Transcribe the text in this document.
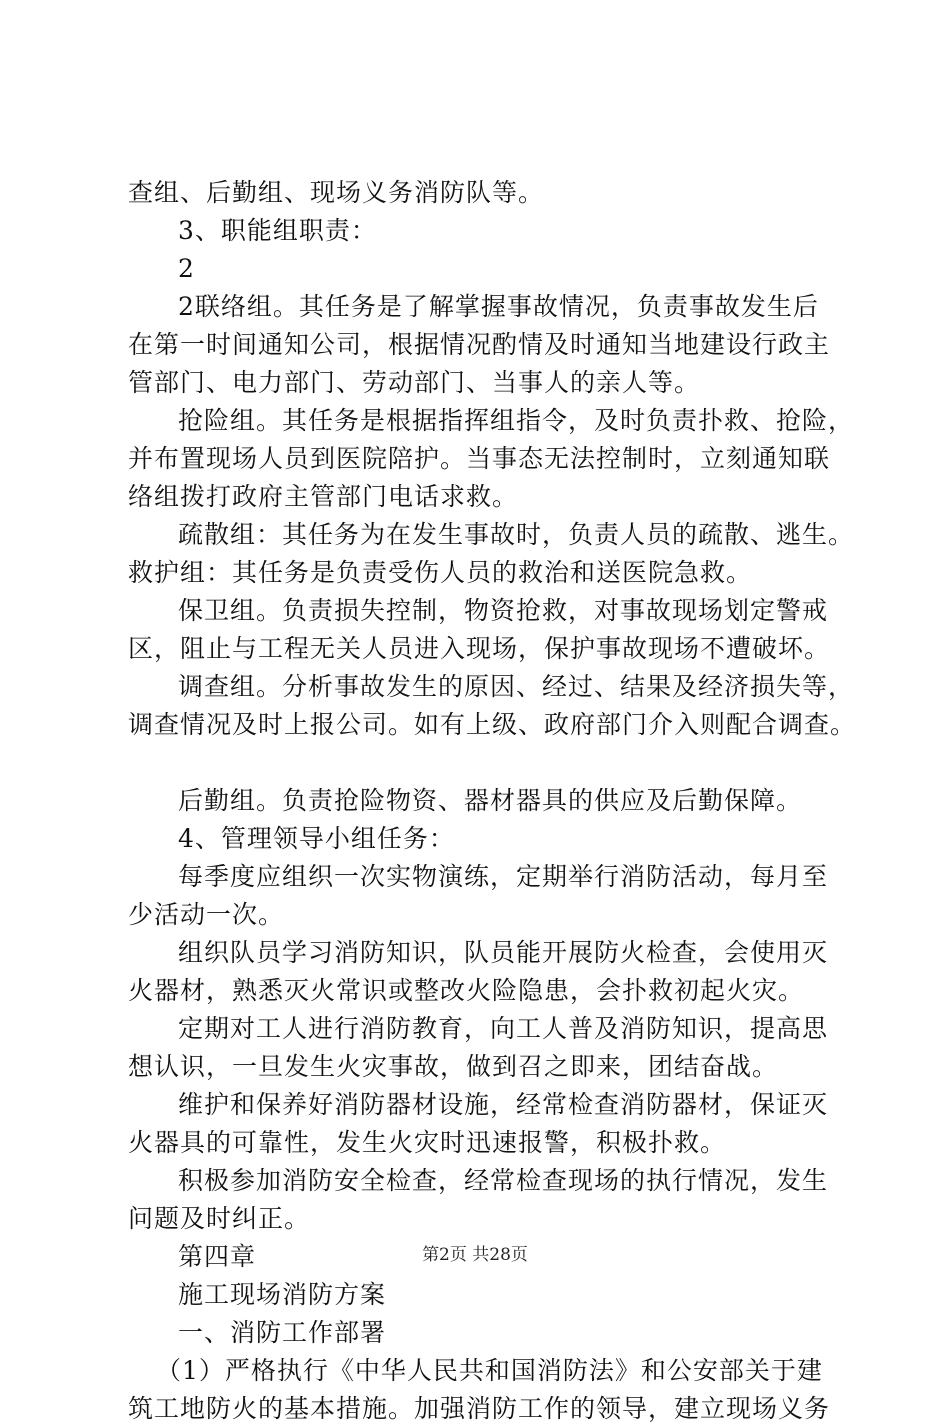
查组、后勤组、现场义务消防队等。
3、职能组职责：
2
2联络组。其任务是了解掌握事故情况，负责事故发生后
在第一时间通知公司，根据情况酌情及时通知当地建设行政主
管部门、电力部门、劳动部门、当事人的亲人等。
抢险组。其任务是根据指挥组指令，及时负责扑救、抢险，
并布置现场人员到医院陪护。当事态无法控制时，立刻通知联
络组拨打政府主管部门电话求救。
疏散组：其任务为在发生事故时，负责人员的疏散、逃生。
救护组：其任务是负责受伤人员的救治和送医院急救。
保卫组。负责损失控制，物资抢救，对事故现场划定警戒
区，阻止与工程无关人员进入现场，保护事故现场不遭破坏。
调查组。分析事故发生的原因、经过、结果及经济损失等，
调查情况及时上报公司。如有上级、政府部门介入则配合调查。
后勤组。负责抢险物资、器材器具的供应及后勤保障。
4、管理领导小组任务：
每季度应组织一次实物演练，定期举行消防活动，每月至
少活动一次。
组织队员学习消防知识，队员能开展防火检查，会使用灭
火器材，熟悉灭火常识或整改火险隐患，会扑救初起火灾。
定期对工人进行消防教育，向工人普及消防知识，提高思
想认识，一旦发生火灾事故，做到召之即来，团结奋战。
维护和保养好消防器材设施，经常检查消防器材，保证灭
火器具的可靠性，发生火灾时迅速报警，积极扑救。
积极参加消防安全检查，经常检查现场的执行情况，发生
问题及时纠正。
第四章
施工现场消防方案
一、消防工作部署
（1）严格执行《中华人民共和国消防法》和公安部关于建
筑工地防火的基本措施。加强消防工作的领导，建立现场义务
第2页 共28页
